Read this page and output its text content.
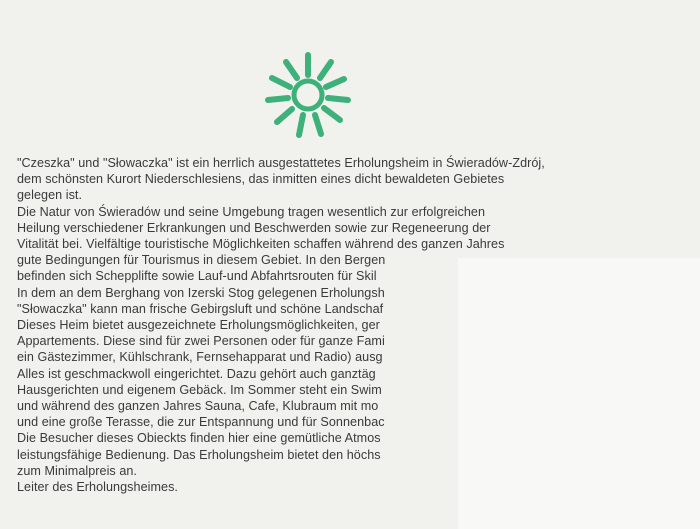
"Czeszka" und "Słowaczka" ist ein herrlich ausgestattetes Erholungsheim in Świeradów-Zdrój,
dem schönsten Kurort Niederschlesiens, das inmitten eines dicht bewaldeten Gebietes
gelegen ist.
Die Natur von Świeradów und seine Umgebung tragen wesentlich zur erfolgreichen
Heilung verschiedener Erkrankungen und Beschwerden sowie zur Regeneerung der
Vitalität bei. Vielfältige touristische Möglichkeiten schaffen während des ganzen Jahres
gute Bedingungen für Tourismus in diesem Gebiet. In den Bergen
befinden sich Schepplifte sowie Lauf-und Abfahrtsrouten für Skil
In dem an dem Berghang von Izerski Stog gelegenen Erholungsh
"Słowaczka" kann man frische Gebirgsluft und schöne Landschaf
Dieses Heim bietet ausgezeichnete Erholungsmöglichkeiten, ger
Appartements. Diese sind für zwei Personen oder für ganze Fami
ein Gästezimmer, Kühlschrank, Fernsehapparat und Radio) ausg
Alles ist geschmackwoll eingerichtet. Dazu gehört auch ganztäg
Hausgerichten und eigenem Gebäck. Im Sommer steht ein Swim
und während des ganzen Jahres Sauna, Cafe, Klubraum mit mo
und eine große Terasse, die zur Entspannung und für Sonnenbac
Die Besucher dieses Obieckts finden hier eine gemütliche Atmos
leistungsfähige Bedienung. Das Erholungsheim bietet den höchs
zum Minimalpreis an.
Leiter des Erholungsheimes.
